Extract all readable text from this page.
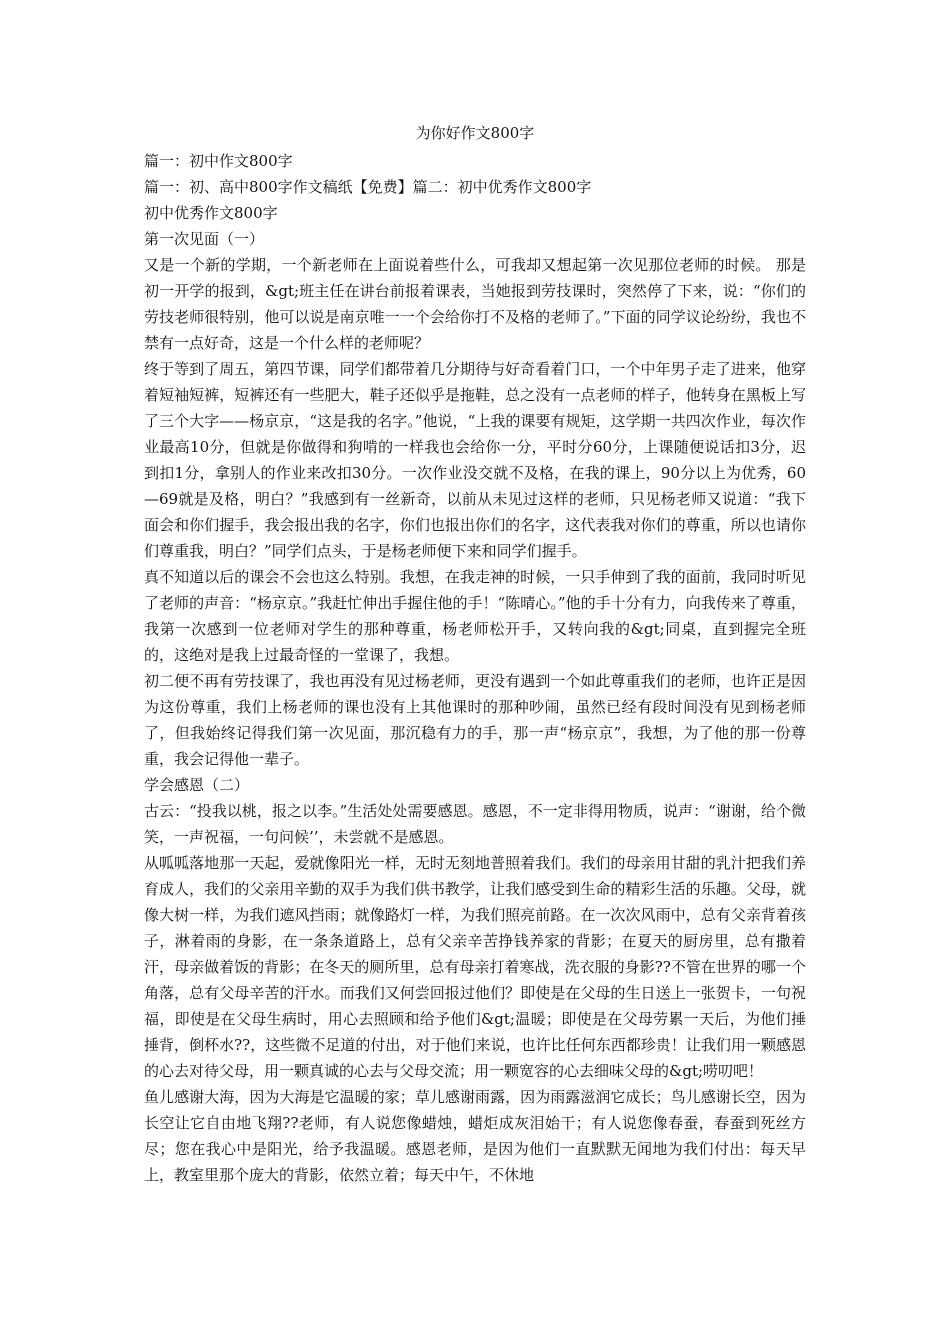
为你好作文800字

篇一：初中作文800字

篇一：初、高中800字作文稿纸【免费】篇二：初中优秀作文800字

初中优秀作文800字

第一次见面（一）

又是一个新的学期，一个新老师在上面说着些什么，可我却又想起第一次见那位老师的时候。 那是初一开学的报到，&gt;班主任在讲台前报着课表，当她报到劳技课时，突然停了下来，说：“你们的劳技老师很特别，他可以说是南京唯一一个会给你打不及格的老师了。”下面的同学议论纷纷，我也不禁有一点好奇，这是一个什么样的老师呢？

终于等到了周五，第四节课，同学们都带着几分期待与好奇看着门口，一个中年男子走了进来，他穿着短袖短裤，短裤还有一些肥大，鞋子还似乎是拖鞋，总之没有一点老师的样子，他转身在黑板上写了三个大字——杨京京，“这是我的名字。”他说，“上我的课要有规矩，这学期一共四次作业，每次作业最高10分，但就是你做得和狗啃的一样我也会给你一分，平时分60分，上课随便说话扣3分，迟到扣1分，拿别人的作业来改扣30分。一次作业没交就不及格，在我的课上，90分以上为优秀，60—69就是及格，明白？”我感到有一丝新奇，以前从未见过这样的老师，只见杨老师又说道：“我下面会和你们握手，我会报出我的名字，你们也报出你们的名字，这代表我对你们的尊重，所以也请你们尊重我，明白？”同学们点头，于是杨老师便下来和同学们握手。

真不知道以后的课会不会也这么特别。我想，在我走神的时候，一只手伸到了我的面前，我同时听见了老师的声音：“杨京京。”我赶忙伸出手握住他的手！“陈晴心。”他的手十分有力，向我传来了尊重，我第一次感到一位老师对学生的那种尊重，杨老师松开手，又转向我的&gt;同桌，直到握完全班的，这绝对是我上过最奇怪的一堂课了，我想。

初二便不再有劳技课了，我也再没有见过杨老师，更没有遇到一个如此尊重我们的老师，也许正是因为这份尊重，我们上杨老师的课也没有上其他课时的那种吵闹，虽然已经有段时间没有见到杨老师了，但我始终记得我们第一次见面，那沉稳有力的手，那一声“杨京京”，我想，为了他的那一份尊重，我会记得他一辈子。

学会感恩（二）

古云：“投我以桃，报之以李。”生活处处需要感恩。感恩，不一定非得用物质，说声：“谢谢，给个微笑，一声祝福，一句问候’’，未尝就不是感恩。

从呱呱落地那一天起，爱就像阳光一样，无时无刻地普照着我们。我们的母亲用甘甜的乳汁把我们养育成人，我们的父亲用辛勤的双手为我们供书教学，让我们感受到生命的精彩生活的乐趣。父母，就像大树一样，为我们遮风挡雨；就像路灯一样，为我们照亮前路。在一次次风雨中，总有父亲背着孩子，淋着雨的身影，在一条条道路上，总有父亲辛苦挣钱养家的背影；在夏天的厨房里，总有撒着汗，母亲做着饭的背影；在冬天的厕所里，总有母亲打着寒战，洗衣服的身影??不管在世界的哪一个角落，总有父母辛苦的汗水。而我们又何尝回报过他们？即使是在父母的生日送上一张贺卡，一句祝福，即使是在父母生病时，用心去照顾和给予他们&gt;温暖；即使是在父母劳累一天后，为他们捶捶背，倒杯水??，这些微不足道的付出，对于他们来说，也许比任何东西都珍贵！让我们用一颗感恩的心去对待父母，用一颗真诚的心去与父母交流；用一颗宽容的心去细味父母的&gt;唠叨吧！

鱼儿感谢大海，因为大海是它温暖的家；草儿感谢雨露，因为雨露滋润它成长；鸟儿感谢长空，因为长空让它自由地飞翔??老师，有人说您像蜡烛，蜡炬成灰泪始干；有人说您像春蚕，春蚕到死丝方尽；您在我心中是阳光，给予我温暖。感恩老师，是因为他们一直默默无闻地为我们付出：每天早上，教室里那个庞大的背影，依然立着；每天中午，不休地
